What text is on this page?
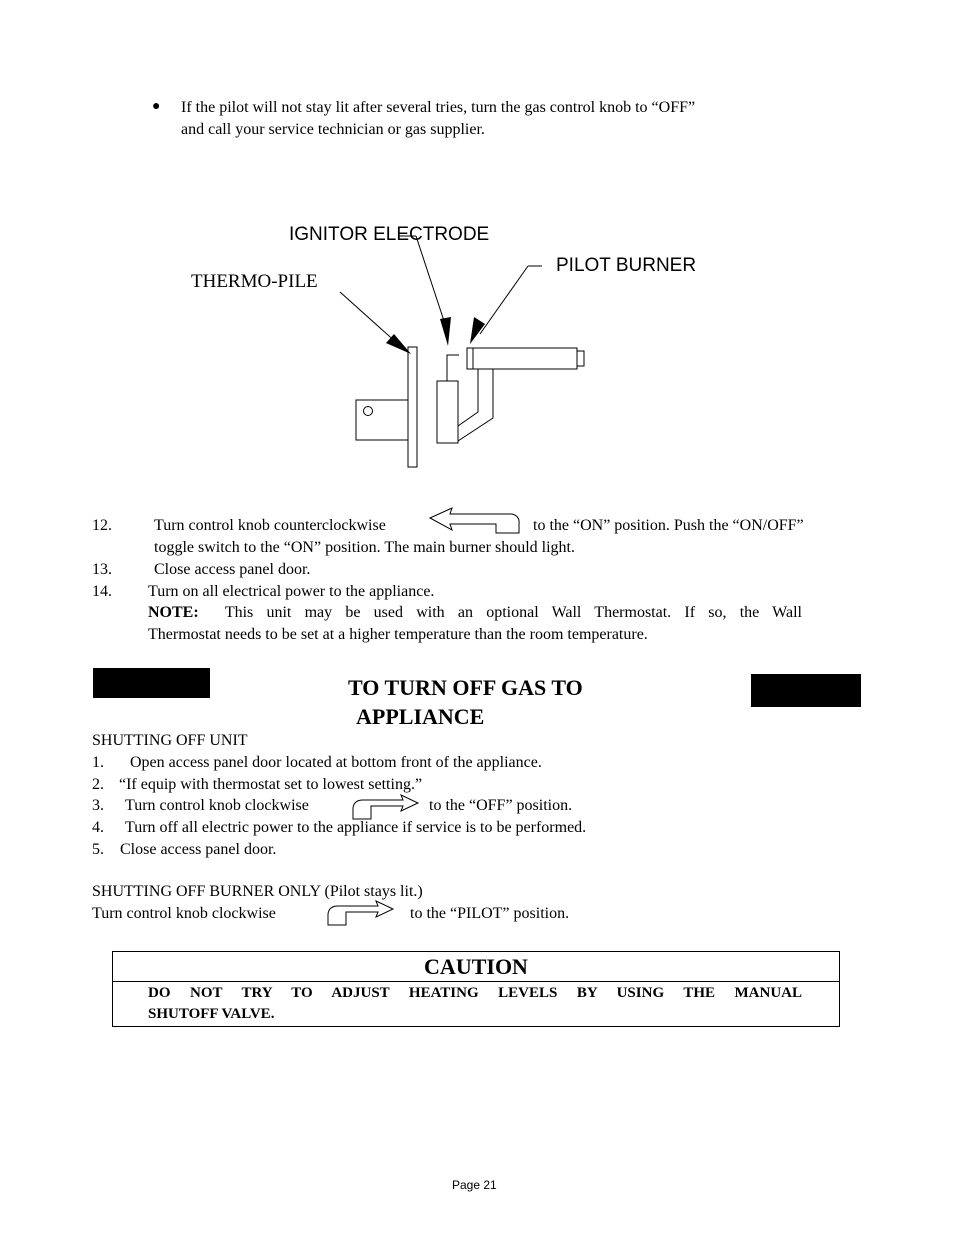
● If the pilot will not stay lit after several tries, turn the gas control knob to “OFF”
and call your service technician or gas supplier.
IGNITOR ELECTRODE
PILOT BURNER
THERMO-PILE
12.	Turn control knob counterclockwise	to the “ON” position. Push the “ON/OFF”
toggle switch to the “ON” position. The main burner should light.
13.	Close access panel door.
14. Turn on all electrical power to the appliance.
NOTE: This unit may be used with an optional Wall Thermostat. If so, the Wall
Thermostat needs to be set at a higher temperature than the room temperature.
TO TURN OFF GAS TO
APPLIANCE
SHUTTING OFF UNIT
1. Open access panel door located at bottom front of the appliance.
2. “If equip with thermostat set to lowest setting.”
3. Turn control knob clockwise	to the “OFF” position.
4. Turn off all electric power to the appliance if service is to be performed.
5. Close access panel door.
SHUTTING OFF BURNER ONLY (Pilot stays lit.)
Turn control knob clockwise	to the “PILOT” position.
CAUTION
DO NOT TRY TO ADJUST HEATING LEVELS BY USING THE MANUAL
SHUTOFF VALVE.
Page 21
